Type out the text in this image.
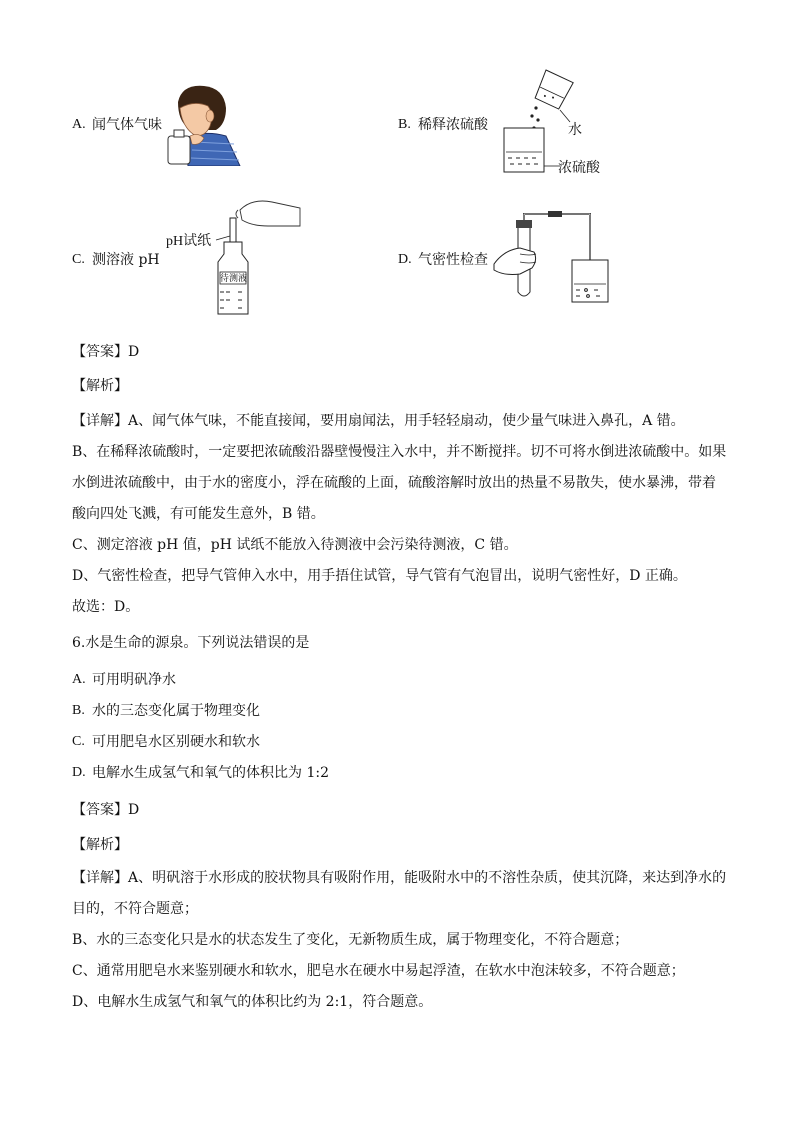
A. 闻气体气味	B. 稀释浓硫酸	水
浓硫酸
C. 测溶液 pH
pH试纸
待测液
D. 气密性检查
【答案】D
【解析】
【详解】A、闻气体气味，不能直接闻，要用扇闻法，用手轻轻扇动，使少量气味进入鼻孔，A 错。
B、在稀释浓硫酸时，一定要把浓硫酸沿器壁慢慢注入水中，并不断搅拌。切不可将水倒进浓硫酸中。如果
水倒进浓硫酸中，由于水的密度小，浮在硫酸的上面，硫酸溶解时放出的热量不易散失，使水暴沸，带着
酸向四处飞溅，有可能发生意外，B 错。
C、测定溶液 pH 值，pH 试纸不能放入待测液中会污染待测液，C 错。
D、气密性检查，把导气管伸入水中，用手捂住试管，导气管有气泡冒出，说明气密性好，D 正确。
故选：D。
6.水是生命的源泉。下列说法错误的是
A. 可用明矾净水
B. 水的三态变化属于物理变化
C. 可用肥皂水区别硬水和软水
D. 电解水生成氢气和氧气的体积比为 1:2
【答案】D
【解析】
【详解】A、明矾溶于水形成的胶状物具有吸附作用，能吸附水中的不溶性杂质，使其沉降，来达到净水的
目的，不符合题意；
B、水的三态变化只是水的状态发生了变化，无新物质生成，属于物理变化，不符合题意；
C、通常用肥皂水来鉴别硬水和软水，肥皂水在硬水中易起浮渣，在软水中泡沫较多，不符合题意；
D、电解水生成氢气和氧气的体积比约为 2:1，符合题意。
